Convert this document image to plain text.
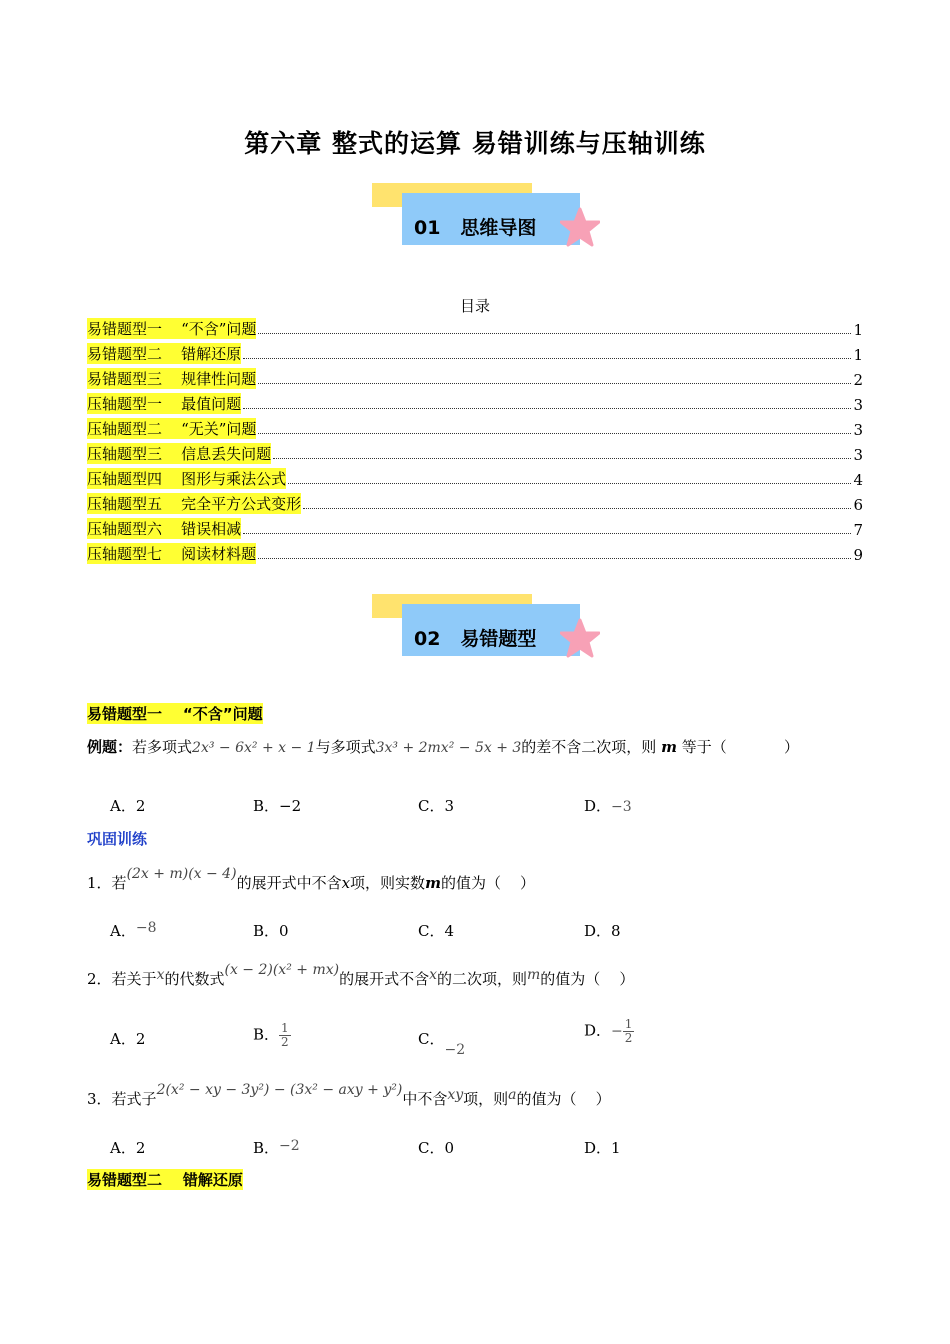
第六章 整式的运算 易错训练与压轴训练
01 思维导图
目录
易错题型一    “不含”问题	1
易错题型二    错解还原	1
易错题型三    规律性问题	2
压轴题型一    最值问题	3
压轴题型二    “无关”问题	3
压轴题型三    信息丢失问题	3
压轴题型四    图形与乘法公式	4
压轴题型五    完全平方公式变形	6
压轴题型六    错误相减	7
压轴题型七    阅读材料题	9
02 易错题型
易错题型一    “不含”问题
例题：若多项式2x³ − 6x² + x − 1与多项式3x³ + 2mx² − 5x + 3的差不含二次项，则 m 等于（            ）
A．2	B．−2	C．3	D．−3
巩固训练
1．若(2x + m)(x − 4)的展开式中不含x项，则实数m的值为（    ）
A．−8	B．0	C．4	D．8
2．若关于x的代数式(x − 2)(x² + mx)的展开式不含x的二次项，则m的值为（    ）
A．2	B． $\frac{1}{2}$	C．−2
D．− $\frac{1}{2}$
3．若式子2(x² − xy − 3y²) − (3x² − axy + y²)中不含xy项，则a的值为（    ）
A．2	B．−2	C．0	D．1
易错题型二    错解还原
